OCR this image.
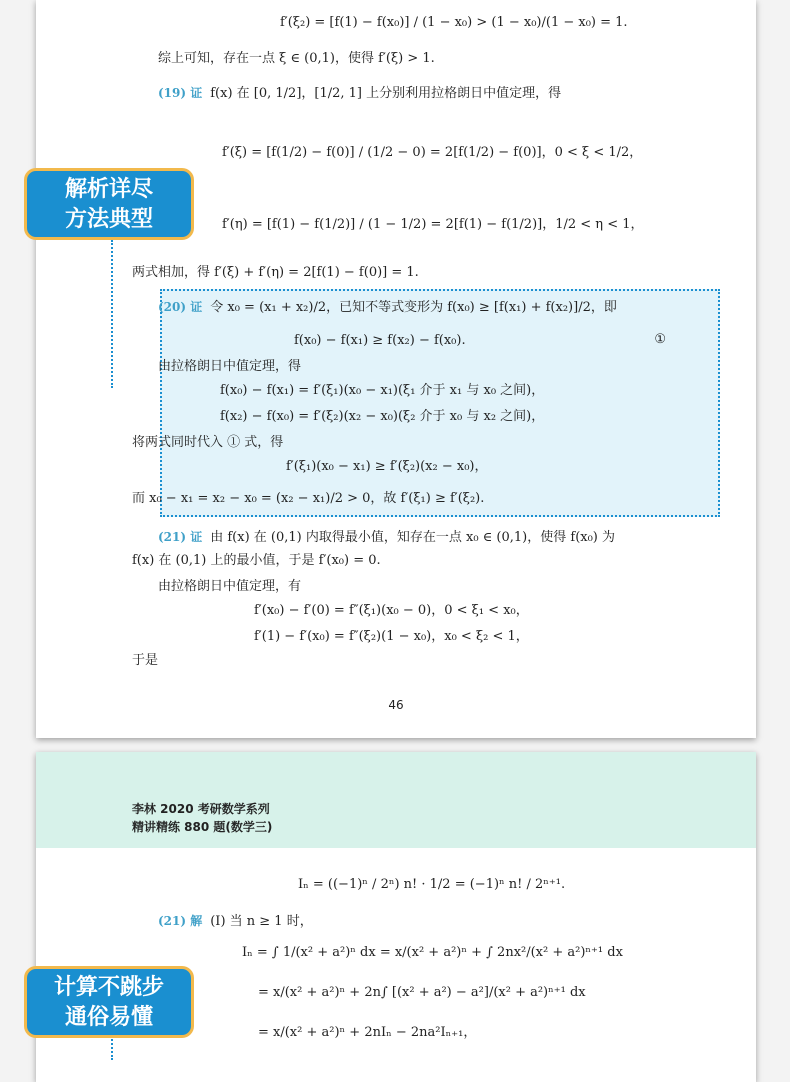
f′(ξ₂) = [f(1) − f(x₀)] / (1 − x₀) > (1 − x₀)/(1 − x₀) = 1.
综上可知，存在一点 ξ ∈ (0,1)，使得 f′(ξ) > 1.
(19) 证 f(x) 在 [0, 1/2]，[1/2, 1] 上分别利用拉格朗日中值定理，得
f′(ξ) = [f(1/2) − f(0)] / (1/2 − 0) = 2[f(1/2) − f(0)]，0 < ξ < 1/2，
f′(η) = [f(1) − f(1/2)] / (1 − 1/2) = 2[f(1) − f(1/2)]，1/2 < η < 1，
两式相加，得 f′(ξ) + f′(η) = 2[f(1) − f(0)] = 1.
(20) 证 令 x₀ = (x₁ + x₂)/2，已知不等式变形为 f(x₀) ≥ [f(x₁) + f(x₂)]/2，即
f(x₀) − f(x₁) ≥ f(x₂) − f(x₀).	①
由拉格朗日中值定理，得
f(x₀) − f(x₁) = f′(ξ₁)(x₀ − x₁)(ξ₁ 介于 x₁ 与 x₀ 之间)，
f(x₂) − f(x₀) = f′(ξ₂)(x₂ − x₀)(ξ₂ 介于 x₀ 与 x₂ 之间)，
将两式同时代入 ① 式，得
f′(ξ₁)(x₀ − x₁) ≥ f′(ξ₂)(x₂ − x₀)，
而 x₀ − x₁ = x₂ − x₀ = (x₂ − x₁)/2 > 0，故 f′(ξ₁) ≥ f′(ξ₂).
(21) 证 由 f(x) 在 (0,1) 内取得最小值，知存在一点 x₀ ∈ (0,1)，使得 f(x₀) 为
f(x) 在 (0,1) 上的最小值，于是 f′(x₀) = 0.
由拉格朗日中值定理，有
f′(x₀) − f′(0) = f″(ξ₁)(x₀ − 0)，0 < ξ₁ < x₀，
f′(1) − f′(x₀) = f″(ξ₂)(1 − x₀)，x₀ < ξ₂ < 1，
于是
46
解析详尽
方法典型
李林 2020 考研数学系列
精讲精练 880 题(数学三)
Iₙ = ((−1)ⁿ / 2ⁿ) n! · 1/2 = (−1)ⁿ n! / 2ⁿ⁺¹.
(21) 解 (Ⅰ) 当 n ≥ 1 时，
Iₙ = ∫ 1/(x² + a²)ⁿ dx = x/(x² + a²)ⁿ + ∫ 2nx²/(x² + a²)ⁿ⁺¹ dx
= x/(x² + a²)ⁿ + 2n∫ [(x² + a²) − a²]/(x² + a²)ⁿ⁺¹ dx
= x/(x² + a²)ⁿ + 2nIₙ − 2na²Iₙ₊₁，
计算不跳步
通俗易懂
